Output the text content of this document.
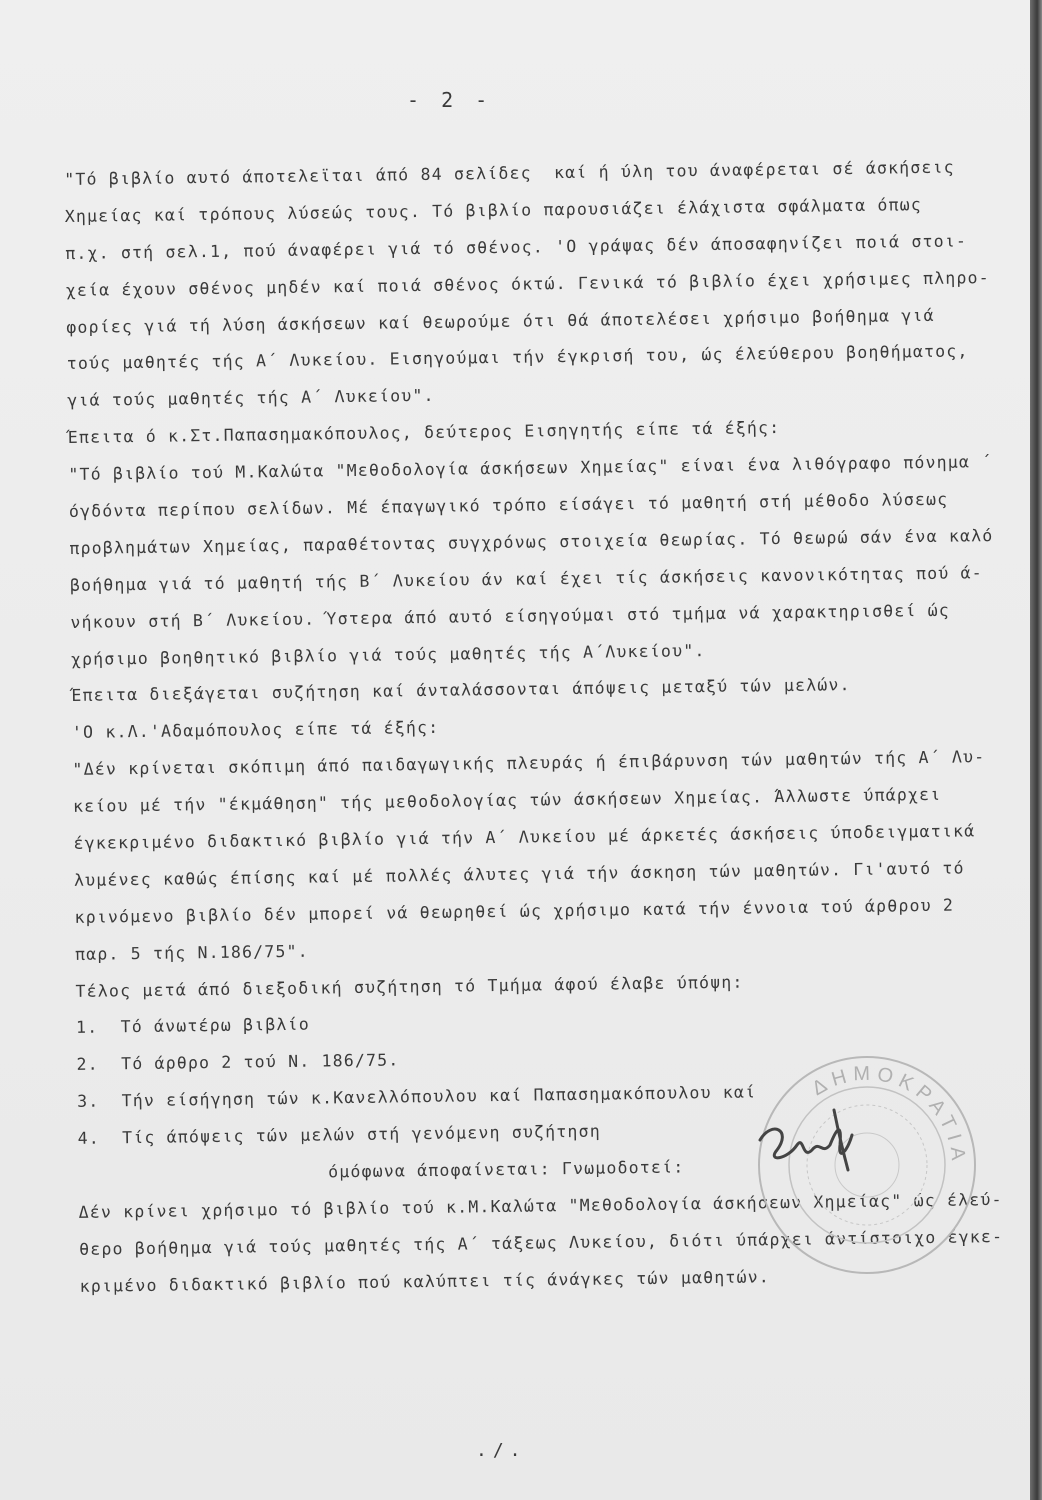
- 2 -
"Τό βιβλίο αυτό άποτελεϊται άπό 84 σελίδες  καί ή ύλη του άναφέρεται σέ άσκήσεις
Χημείας καί τρόπους λύσεώς τους. Τό βιβλίο παρουσιάζει έλάχιστα σφάλματα όπως
π.χ. στή σελ.1, πού άναφέρει γιά τό σθένος. 'Ο γράψας δέν άποσαφηνίζει ποιά στοι-
χεία έχουν σθένος μηδέν καί ποιά σθένος όκτώ. Γενικά τό βιβλίο έχει χρήσιμες πληρο-
φορίες γιά τή λύση άσκήσεων καί θεωρούμε ότι θά άποτελέσει χρήσιμο βοήθημα γιά
τούς μαθητές τής Α΄ Λυκείου. Εισηγούμαι τήν έγκρισή του, ώς έλεύθερου βοηθήματος,
γιά τούς μαθητές τής Α΄ Λυκείου".
Έπειτα ό κ.Στ.Παπασημακόπουλος, δεύτερος Εισηγητής είπε τά έξής:
"Τό βιβλίο τού Μ.Καλώτα "Μεθοδολογία άσκήσεων Χημείας" είναι ένα λιθόγραφο πόνημα ΄
όγδόντα περίπου σελίδων. Μέ έπαγωγικό τρόπο είσάγει τό μαθητή στή μέθοδο λύσεως
προβλημάτων Χημείας, παραθέτοντας συγχρόνως στοιχεία θεωρίας. Τό θεωρώ σάν ένα καλό
βοήθημα γιά τό μαθητή τής Β΄ Λυκείου άν καί έχει τίς άσκήσεις κανονικότητας πού ά-
νήκουν στή Β΄ Λυκείου. Ύστερα άπό αυτό είσηγούμαι στό τμήμα νά χαρακτηρισθεί ώς
χρήσιμο βοηθητικό βιβλίο γιά τούς μαθητές τής Α΄Λυκείου".
Έπειτα διεξάγεται συζήτηση καί άνταλάσσονται άπόψεις μεταξύ τών μελών.
'Ο κ.Λ.'Αδαμόπουλος είπε τά έξής:
"Δέν κρίνεται σκόπιμη άπό παιδαγωγικής πλευράς ή έπιβάρυνση τών μαθητών τής Α΄ Λυ-
κείου μέ τήν "έκμάθηση" τής μεθοδολογίας τών άσκήσεων Χημείας. Άλλωστε ύπάρχει
έγκεκριμένο διδακτικό βιβλίο γιά τήν Α΄ Λυκείου μέ άρκετές άσκήσεις ύποδειγματικά
λυμένες καθώς έπίσης καί μέ πολλές άλυτες γιά τήν άσκηση τών μαθητών. Γι'αυτό τό
κρινόμενο βιβλίο δέν μπορεί νά θεωρηθεί ώς χρήσιμο κατά τήν έννοια τού άρθρου 2
παρ. 5 τής Ν.186/75".
Τέλος μετά άπό διεξοδική συζήτηση τό Τμήμα άφού έλαβε ύπόψη:
1.  Τό άνωτέρω βιβλίο
2.  Τό άρθρο 2 τού Ν. 186/75.
3.  Τήν είσήγηση τών κ.Κανελλόπουλου καί Παπασημακόπουλου καί
4.  Τίς άπόψεις τών μελών στή γενόμενη συζήτηση
όμόφωνα άποφαίνεται: Γνωμοδοτεί:
Δέν κρίνει χρήσιμο τό βιβλίο τού κ.Μ.Καλώτα "Μεθοδολογία άσκήσεων Χημείας" ώς έλεύ-
θερο βοήθημα γιά τούς μαθητές τής Α΄ τάξεως Λυκείου, διότι ύπάρχει άντίστοιχο έγκε-
κριμένο διδακτικό βιβλίο πού καλύπτει τίς άνάγκες τών μαθητών.
ΔΗΜΟΚΡΑΤΙΑ
./.
